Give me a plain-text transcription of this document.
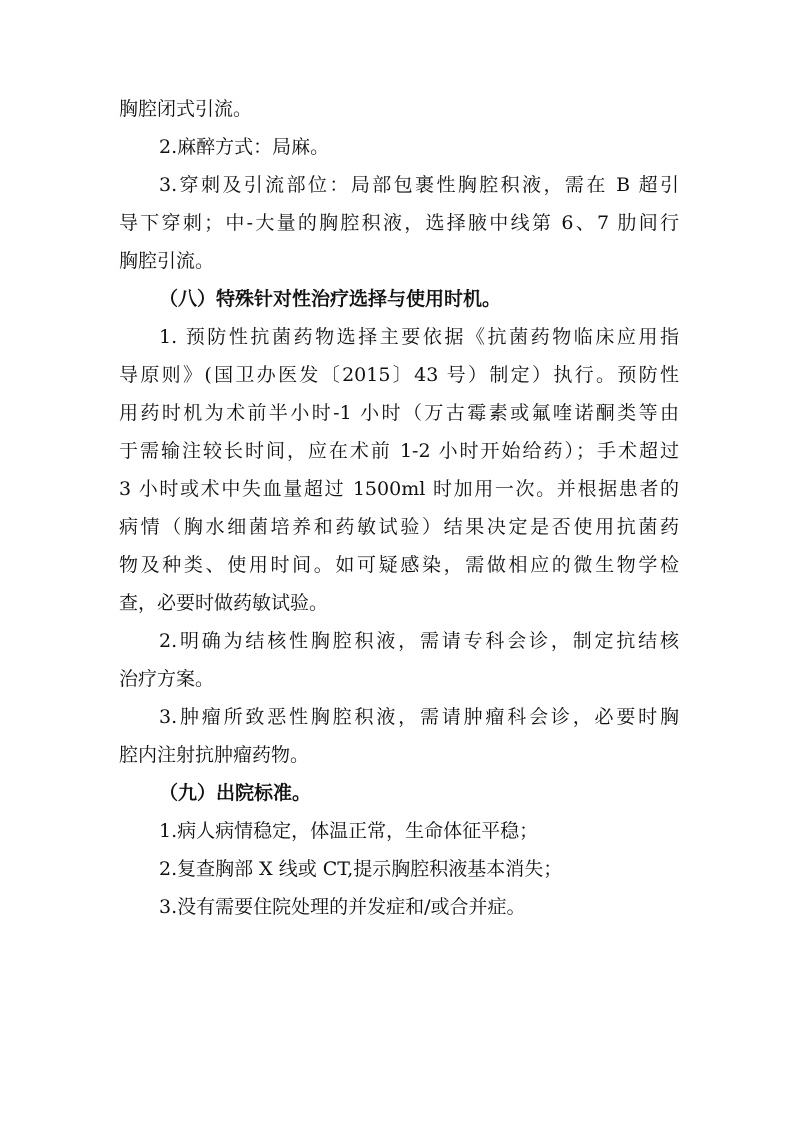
胸腔闭式引流。
2.麻醉方式：局麻。
3.穿刺及引流部位：局部包裹性胸腔积液，需在 B 超引
导下穿刺；中-大量的胸腔积液，选择腋中线第 6、7 肋间行
胸腔引流。
（八）特殊针对性治疗选择与使用时机。
1. 预防性抗菌药物选择主要依据《抗菌药物临床应用指
导原则》(国卫办医发〔2015〕43 号）制定）执行。预防性
用药时机为术前半小时-1 小时（万古霉素或氟喹诺酮类等由
于需输注较长时间，应在术前 1-2 小时开始给药）；手术超过
3 小时或术中失血量超过 1500ml 时加用一次。并根据患者的
病情（胸水细菌培养和药敏试验）结果决定是否使用抗菌药
物及种类、使用时间。如可疑感染，需做相应的微生物学检
查，必要时做药敏试验。
2.明确为结核性胸腔积液，需请专科会诊，制定抗结核
治疗方案。
3.肿瘤所致恶性胸腔积液，需请肿瘤科会诊，必要时胸
腔内注射抗肿瘤药物。
（九）出院标准。
1.病人病情稳定，体温正常，生命体征平稳；
2.复查胸部 X 线或 CT,提示胸腔积液基本消失；
3.没有需要住院处理的并发症和/或合并症。
